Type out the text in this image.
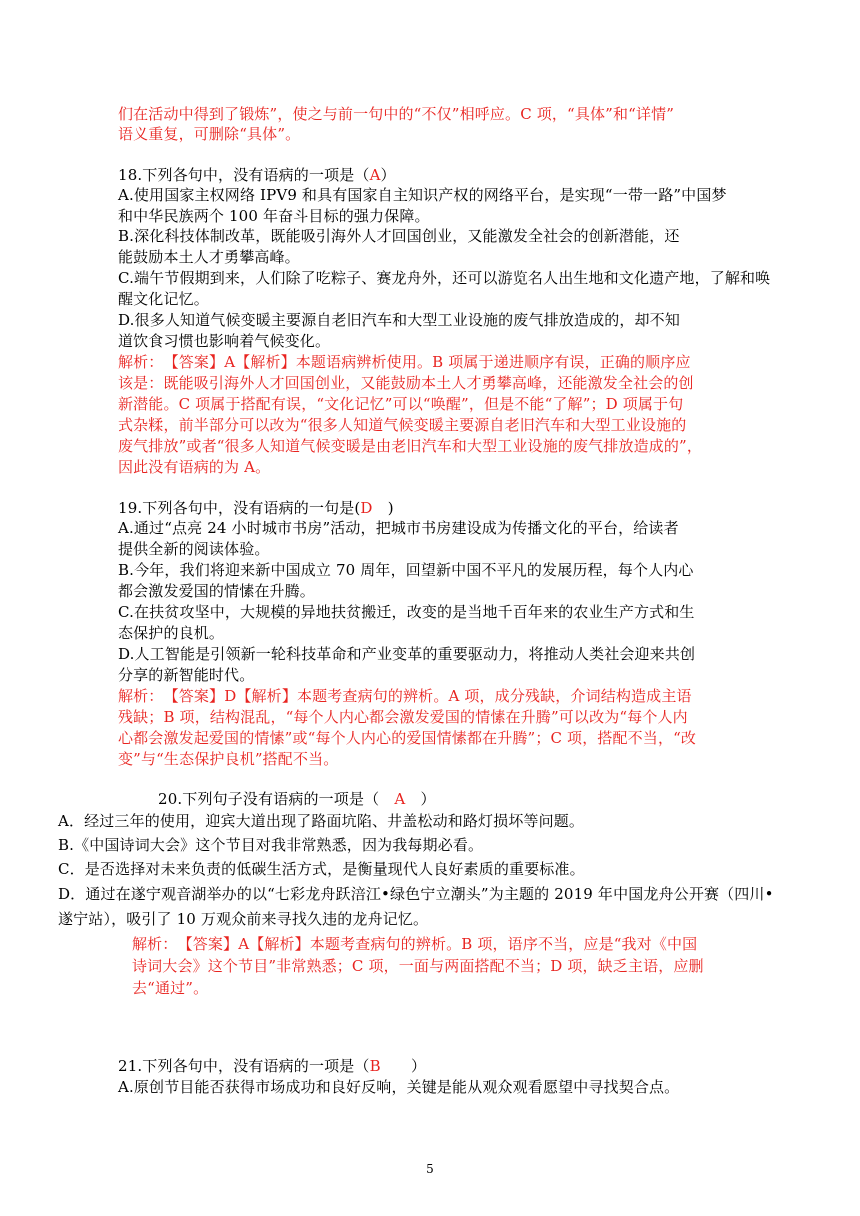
们在活动中得到了锻炼”，使之与前一句中的“不仅”相呼应。C 项，“具体”和“详情”
语义重复，可删除“具体”。
18.下列各句中，没有语病的一项是（A）
A.使用国家主权网络 IPV9 和具有国家自主知识产权的网络平台，是实现“一带一路”中国梦
和中华民族两个 100 年奋斗目标的强力保障。
B.深化科技体制改革，既能吸引海外人才回国创业，又能激发全社会的创新潜能，还
能鼓励本土人才勇攀高峰。
C.端午节假期到来，人们除了吃粽子、赛龙舟外，还可以游览名人出生地和文化遗产地，了解和唤
醒文化记忆。
D.很多人知道气候变暖主要源自老旧汽车和大型工业设施的废气排放造成的，却不知
道饮食习惯也影响着气候变化。
解析：　【答案】A【解析】本题语病辨析使用。B 项属于递进顺序有误，正确的顺序应
该是：既能吸引海外人才回国创业，又能鼓励本土人才勇攀高峰，还能激发全社会的创
新潜能。C 项属于搭配有误，“文化记忆”可以“唤醒”，但是不能“了解”；D 项属于句
式杂糅，前半部分可以改为“很多人知道气候变暖主要源自老旧汽车和大型工业设施的
废气排放”或者“很多人知道气候变暖是由老旧汽车和大型工业设施的废气排放造成的”，
因此没有语病的为 A。
19.下列各句中，没有语病的一句是(D　)
A.通过“点亮 24 小时城市书房”活动，把城市书房建设成为传播文化的平台，给读者
提供全新的阅读体验。
B.今年，我们将迎来新中国成立 70 周年，回望新中国不平凡的发展历程，每个人内心
都会激发爱国的情愫在升腾。
C.在扶贫攻坚中，大规模的异地扶贫搬迁，改变的是当地千百年来的农业生产方式和生
态保护的良机。
D.人工智能是引领新一轮科技革命和产业变革的重要驱动力，将推动人类社会迎来共创
分享的新智能时代。
解析：　【答案】D【解析】本题考查病句的辨析。A 项，成分残缺，介词结构造成主语
残缺；B 项，结构混乱，“每个人内心都会激发爱国的情愫在升腾”可以改为“每个人内
心都会激发起爱国的情愫”或“每个人内心的爱国情愫都在升腾”；C 项，搭配不当，“改
变”与“生态保护良机”搭配不当。
20.下列句子没有语病的一项是（　A　）
A．经过三年的使用，迎宾大道出现了路面坑陷、井盖松动和路灯损坏等问题。
B.《中国诗词大会》这个节目对我非常熟悉，因为我每期必看。
C．是否选择对未来负责的低碳生活方式，是衡量现代人良好素质的重要标准。
D．通过在遂宁观音湖举办的以“七彩龙舟跃涪江•绿色宁立潮头”为主题的 2019 年中国龙舟公开赛（四川•
遂宁站），吸引了 10 万观众前来寻找久违的龙舟记忆。
解析：　【答案】A【解析】本题考查病句的辨析。B 项，语序不当，应是“我对《中国
诗词大会》这个节目”非常熟悉；C 项，一面与两面搭配不当；D 项，缺乏主语，应删
去“通过”。
21.下列各句中，没有语病的一项是（B　　）
A.原创节目能否获得市场成功和良好反响，关键是能从观众观看愿望中寻找契合点。
5
